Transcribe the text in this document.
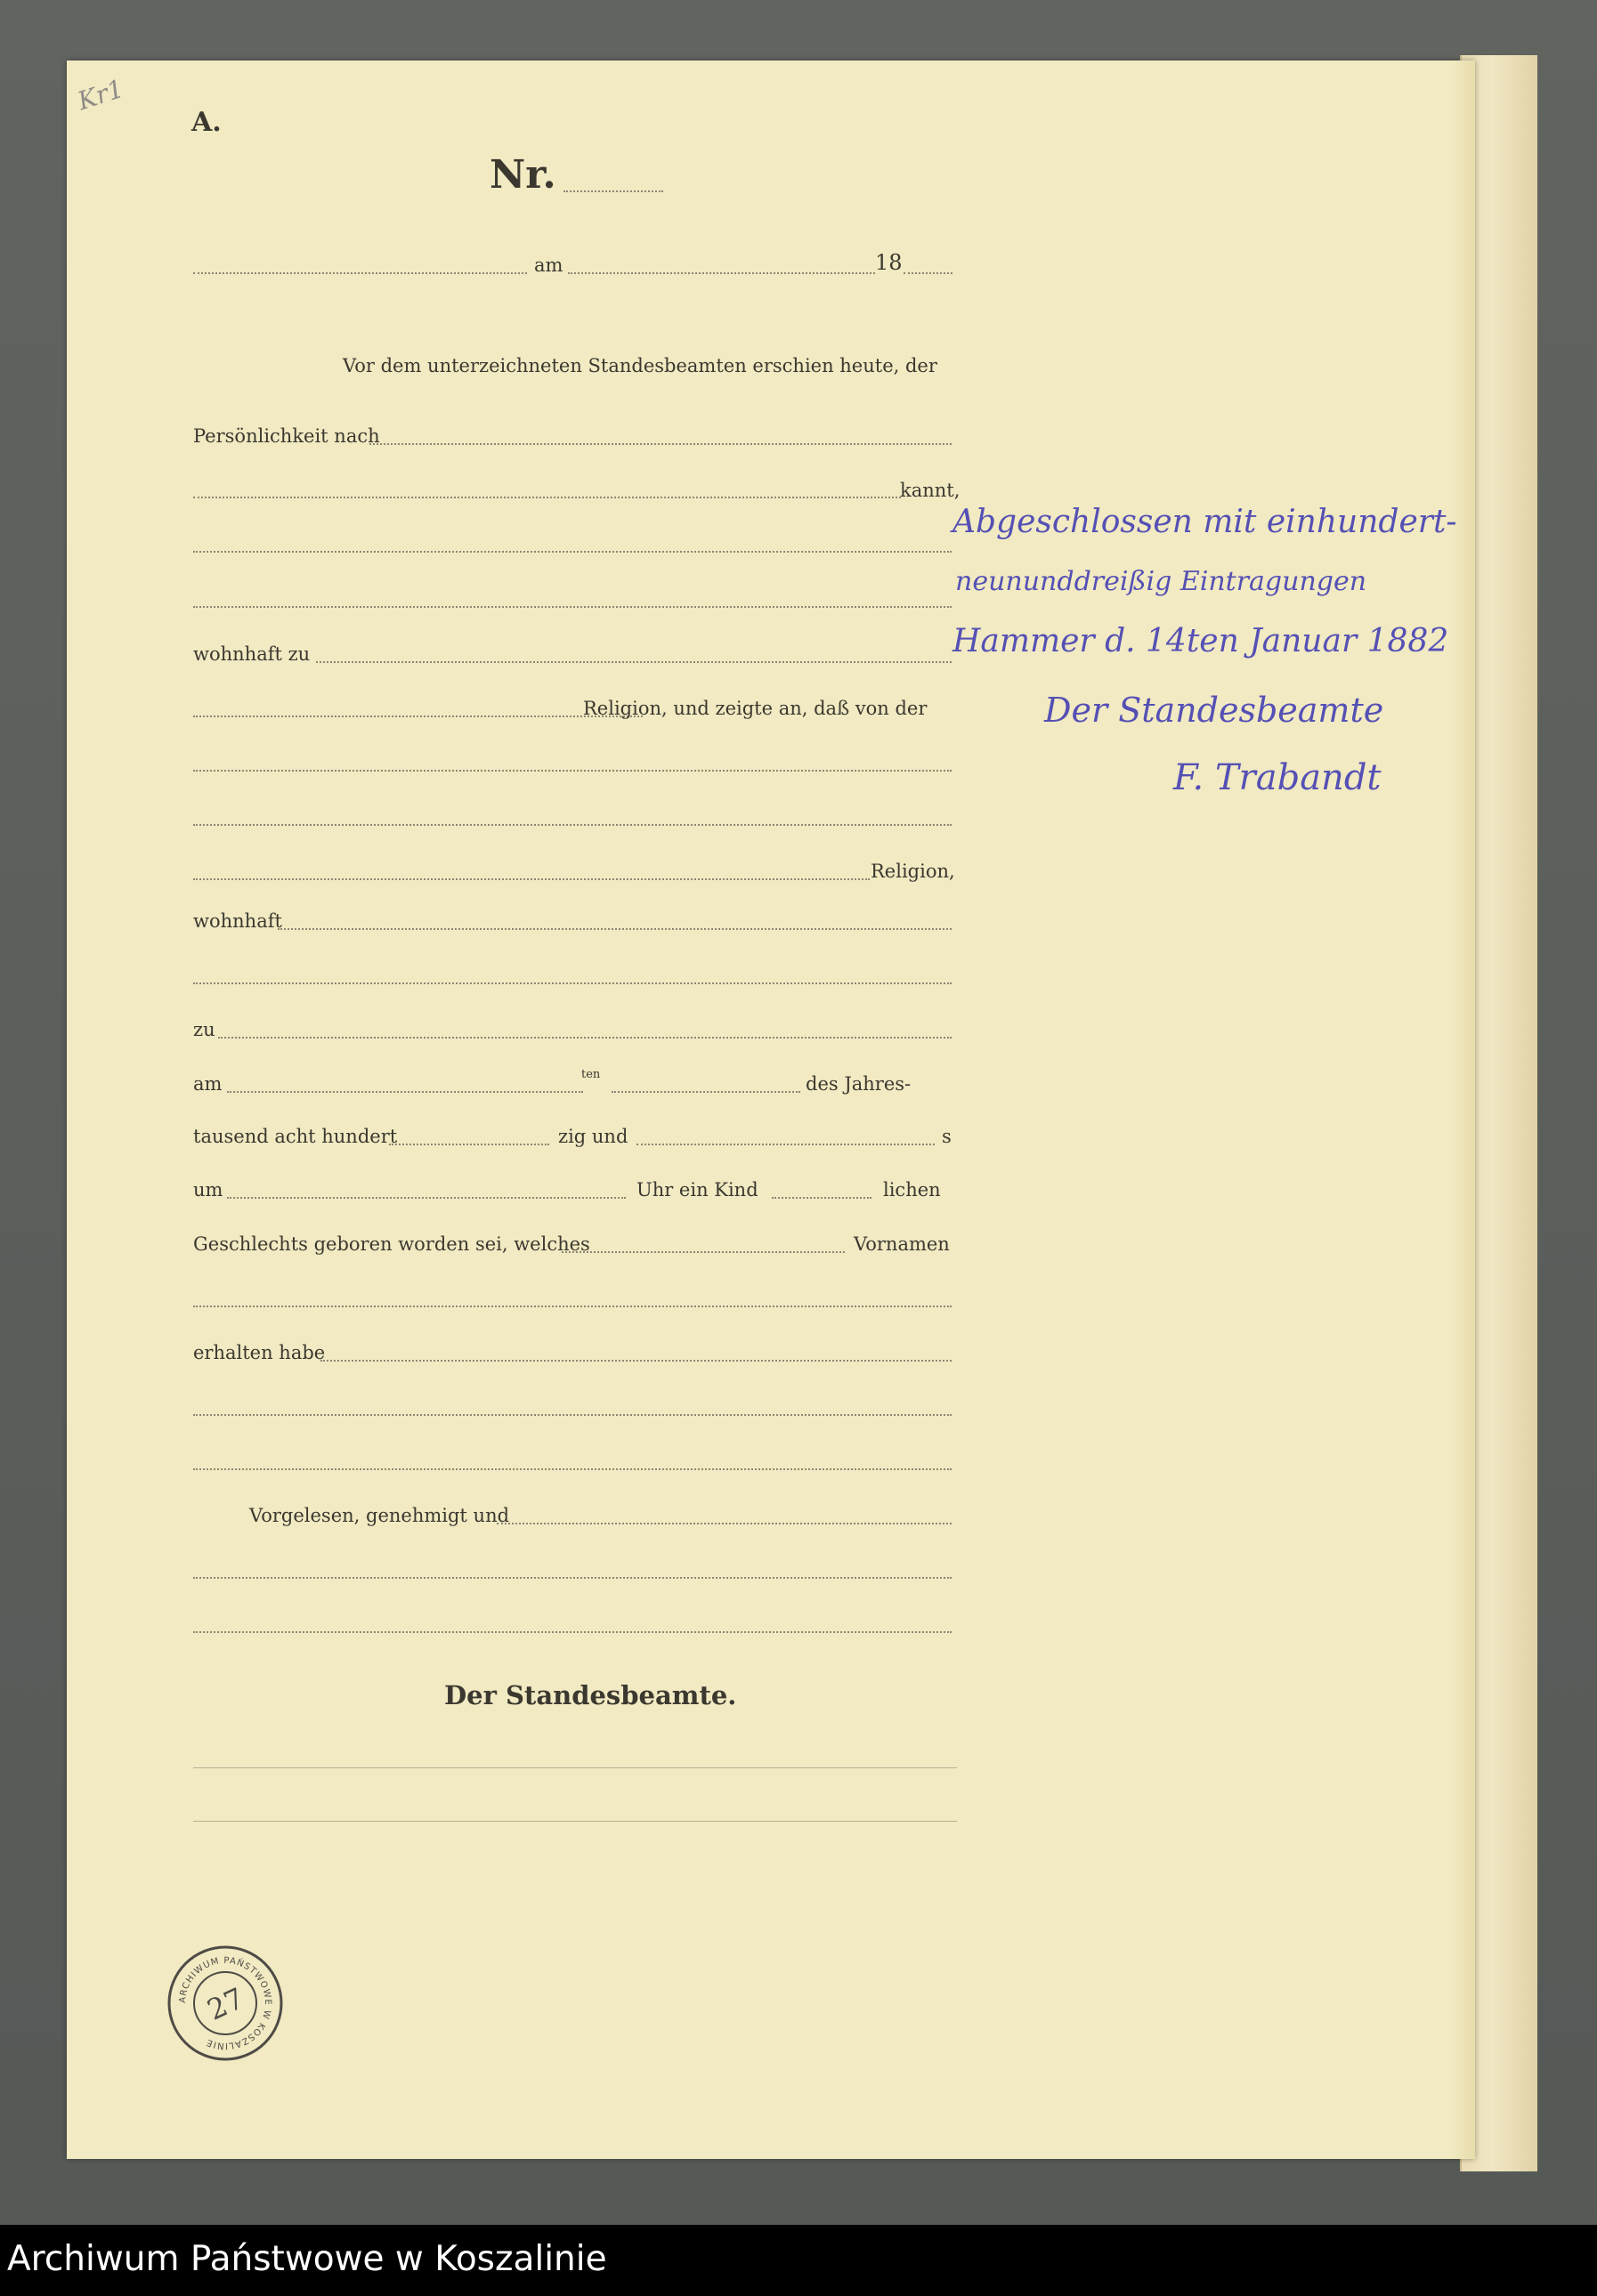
Kr1
A.
Nr.
am	18
Vor dem unterzeichneten Standesbeamten erschien heute, der
Persönlichkeit nach
kannt,
wohnhaft zu
Religion, und zeigte an, daß von der
Religion,
wohnhaft
zu
am	ten	des Jahres-
tausend acht hundert	zig und	s
um	Uhr ein Kind	lichen
Geschlechts geboren worden sei, welches	Vornamen
erhalten habe
Vorgelesen, genehmigt und
Der Standesbeamte.
Abgeschlossen mit einhundert-
neununddreißig Eintragungen
Hammer d. 14ten Januar 1882
Der Standesbeamte
F. Trabandt
ARCHIWUM PAŃSTWOWE W KOSZALINIE
27
Archiwum Państwowe w Koszalinie
